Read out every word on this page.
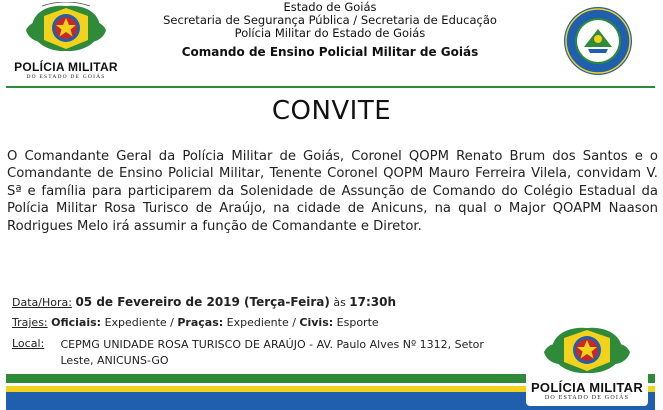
POLÍCIA MILITAR
DO ESTADO DE GOIÁS
Estado de Goiás
Secretaria de Segurança Pública / Secretaria de Educação
Polícia Militar do Estado de Goiás
Comando de Ensino Policial Militar de Goiás
CONVITE
O Comandante Geral da Polícia Militar de Goiás, Coronel QOPM Renato Brum dos Santos e o Comandante de Ensino Policial Militar, Tenente Coronel QOPM Mauro Ferreira Vilela, convidam V. Sª e família para participarem da Solenidade de Assunção de Comando do Colégio Estadual da Polícia Militar Rosa Turisco de Araújo, na cidade de Anicuns, na qual o Major QOAPM Naason Rodrigues Melo irá assumir a função de Comandante e Diretor.
Data/Hora: 05 de Fevereiro de 2019 (Terça-Feira) às 17:30h
Trajes: Oficiais: Expediente / Praças: Expediente / Civis: Esporte
Local: CEPMG UNIDADE ROSA TURISCO DE ARAÚJO - AV. Paulo Alves Nº 1312, Setor
Leste, ANICUNS-GO
POLÍCIA MILITAR
DO ESTADO DE GOIÁS
